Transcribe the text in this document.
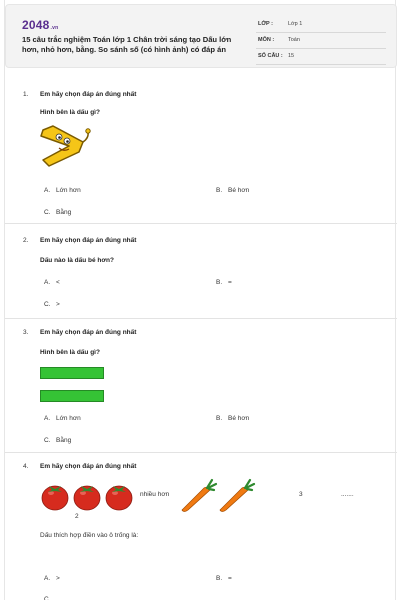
2048.vn
15 câu trắc nghiệm Toán lớp 1 Chân trời sáng tạo Dấu lớn hơn, nhỏ hơn, bằng. So sánh số (có hình ảnh) có đáp án
LỚP :	Lớp 1
MÔN :	Toán
SỐ CÂU : 15
1. Em hãy chọn đáp án đúng nhất
Hình bên là dấu gì?
A. Lớn hơn	B. Bé hơn
C. Bằng
2. Em hãy chọn đáp án đúng nhất
Dấu nào là dấu bé hơn?
A. <	B. =
C. >
3. Em hãy chọn đáp án đúng nhất
Hình bên là dấu gì?
A. Lớn hơn	B. Bé hơn
C. Bằng
4. Em hãy chọn đáp án đúng nhất
2
nhiều hơn	3	.......
Dấu thích hợp điền vào ô trống là:
A. >	B. =
C.
